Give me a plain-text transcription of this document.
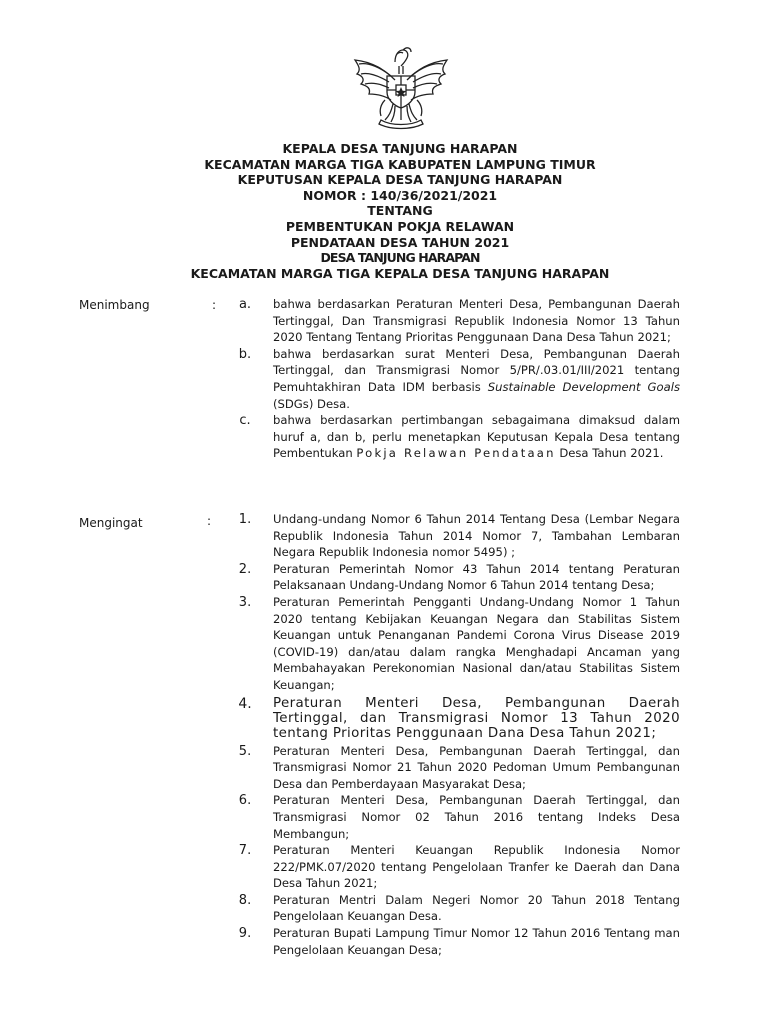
KEPALA DESA TANJUNG HARAPAN
KECAMATAN MARGA TIGA KABUPATEN LAMPUNG TIMUR
KEPUTUSAN KEPALA DESA TANJUNG HARAPAN
NOMOR : 140/36/2021/2021
TENTANG
PEMBENTUKAN POKJA RELAWAN
PENDATAAN DESA TAHUN 2021
DESA TANJUNG HARAPAN
KECAMATAN MARGA TIGA KEPALA DESA TANJUNG HARAPAN
Menimbang	:	a.	bahwa berdasarkan Peraturan Menteri Desa, Pembangunan Daerah Tertinggal, Dan Transmigrasi Republik Indonesia Nomor 13 Tahun 2020 Tentang Tentang Prioritas Penggunaan Dana Desa Tahun 2021;
b.	bahwa berdasarkan surat Menteri Desa, Pembangunan Daerah Tertinggal, dan Transmigrasi Nomor 5/PR/.03.01/III/2021 tentang Pemuhtakhiran Data IDM berbasis Sustainable Development Goals (SDGs) Desa.
c.	bahwa berdasarkan pertimbangan sebagaimana dimaksud dalam huruf a, dan b, perlu menetapkan Keputusan Kepala Desa tentang Pembentukan Pokja Relawan Pendataan Desa Tahun 2021.
Mengingat	:	1.	Undang-undang Nomor 6 Tahun 2014 Tentang Desa (Lembar Negara Republik Indonesia Tahun 2014 Nomor 7, Tambahan Lembaran Negara Republik Indonesia nomor 5495) ;
2.	Peraturan Pemerintah Nomor 43 Tahun 2014 tentang Peraturan Pelaksanaan Undang-Undang Nomor 6 Tahun 2014 tentang Desa;
3.	Peraturan Pemerintah Pengganti Undang-Undang Nomor 1 Tahun 2020 tentang Kebijakan Keuangan Negara dan Stabilitas Sistem Keuangan untuk Penanganan Pandemi Corona Virus Disease 2019 (COVID-19) dan/atau dalam rangka Menghadapi Ancaman yang Membahayakan Perekonomian Nasional dan/atau Stabilitas Sistem Keuangan;
4.	Peraturan Menteri Desa, Pembangunan Daerah Tertinggal, dan Transmigrasi Nomor 13 Tahun 2020 tentang Prioritas Penggunaan Dana Desa Tahun 2021;
5.	Peraturan Menteri Desa, Pembangunan Daerah Tertinggal, dan Transmigrasi Nomor 21 Tahun 2020 Pedoman Umum Pembangunan Desa dan Pemberdayaan Masyarakat Desa;
6.	Peraturan Menteri Desa, Pembangunan Daerah Tertinggal, dan Transmigrasi Nomor 02 Tahun 2016 tentang Indeks Desa Membangun;
7.	Peraturan Menteri Keuangan Republik Indonesia Nomor 222/PMK.07/2020 tentang Pengelolaan Tranfer ke Daerah dan Dana Desa Tahun 2021;
8.	Peraturan Mentri Dalam Negeri Nomor 20 Tahun 2018 Tentang Pengelolaan Keuangan Desa.
9.	Peraturan Bupati Lampung Timur Nomor 12 Tahun 2016 Tentang man Pengelolaan Keuangan Desa;
